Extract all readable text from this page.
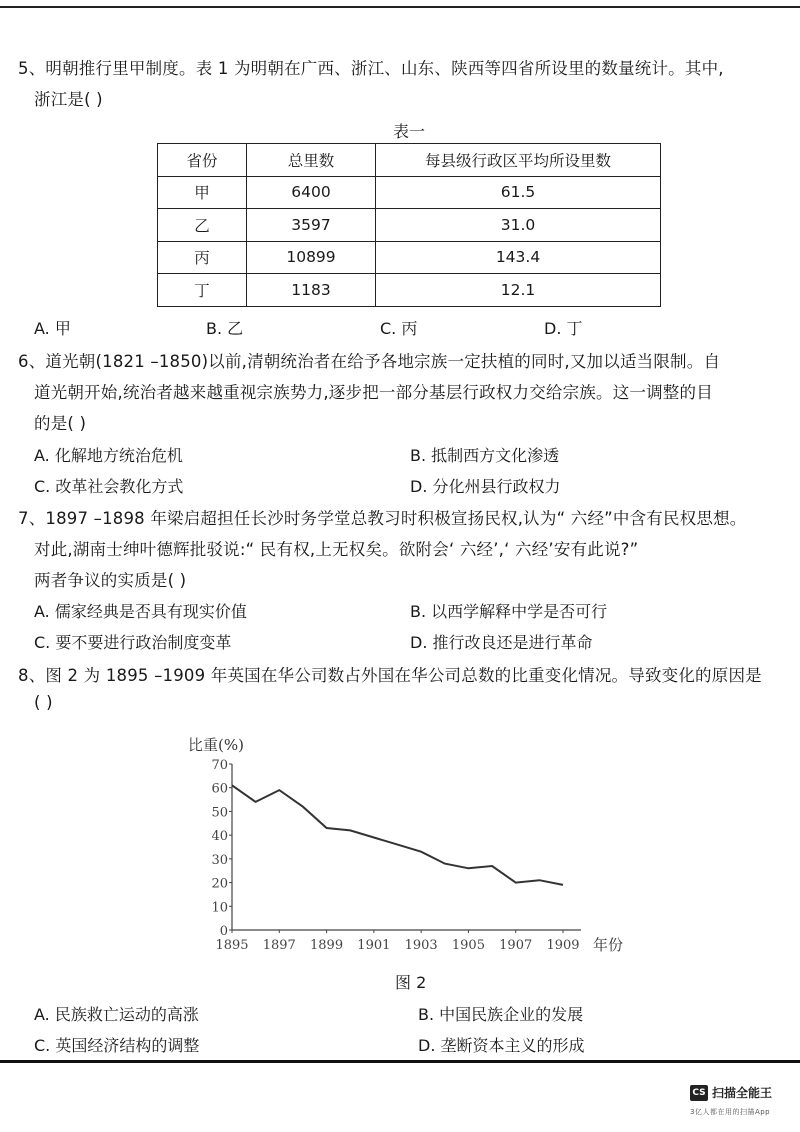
5、明朝推行里甲制度。表 1 为明朝在广西、浙江、山东、陕西等四省所设里的数量统计。其中,
浙江是( )
表一
省份	总里数	每县级行政区平均所设里数
甲	6400	61.5
乙	3597	31.0
丙	10899	143.4
丁	1183	12.1
A. 甲	B. 乙	C. 丙	D. 丁
6、道光朝(1821 –1850)以前,清朝统治者在给予各地宗族一定扶植的同时,又加以适当限制。自
道光朝开始,统治者越来越重视宗族势力,逐步把一部分基层行政权力交给宗族。这一调整的目
的是( )
A. 化解地方统治危机	B. 抵制西方文化渗透
C. 改革社会教化方式	D. 分化州县行政权力
7、1897 –1898 年梁启超担任长沙时务学堂总教习时积极宣扬民权,认为“ 六经”中含有民权思想。
对此,湖南士绅叶德辉批驳说:“ 民有权,上无权矣。欲附会‘ 六经’,‘ 六经’安有此说?”
两者争议的实质是( )
A. 儒家经典是否具有现实价值	B. 以西学解释中学是否可行
C. 要不要进行政治制度变革	D. 推行改良还是进行革命
8、图 2 为 1895 –1909 年英国在华公司数占外国在华公司总数的比重变化情况。导致变化的原因是
( )
比重(%)
0
10
20
30
40
50
60
70
1895 1897 1899 1901 1903 1905 1907 1909 年份
图 2
A. 民族救亡运动的高涨	B. 中国民族企业的发展
C. 英国经济结构的调整	D. 垄断资本主义的形成
CS 扫描全能王
3亿人都在用的扫描App
